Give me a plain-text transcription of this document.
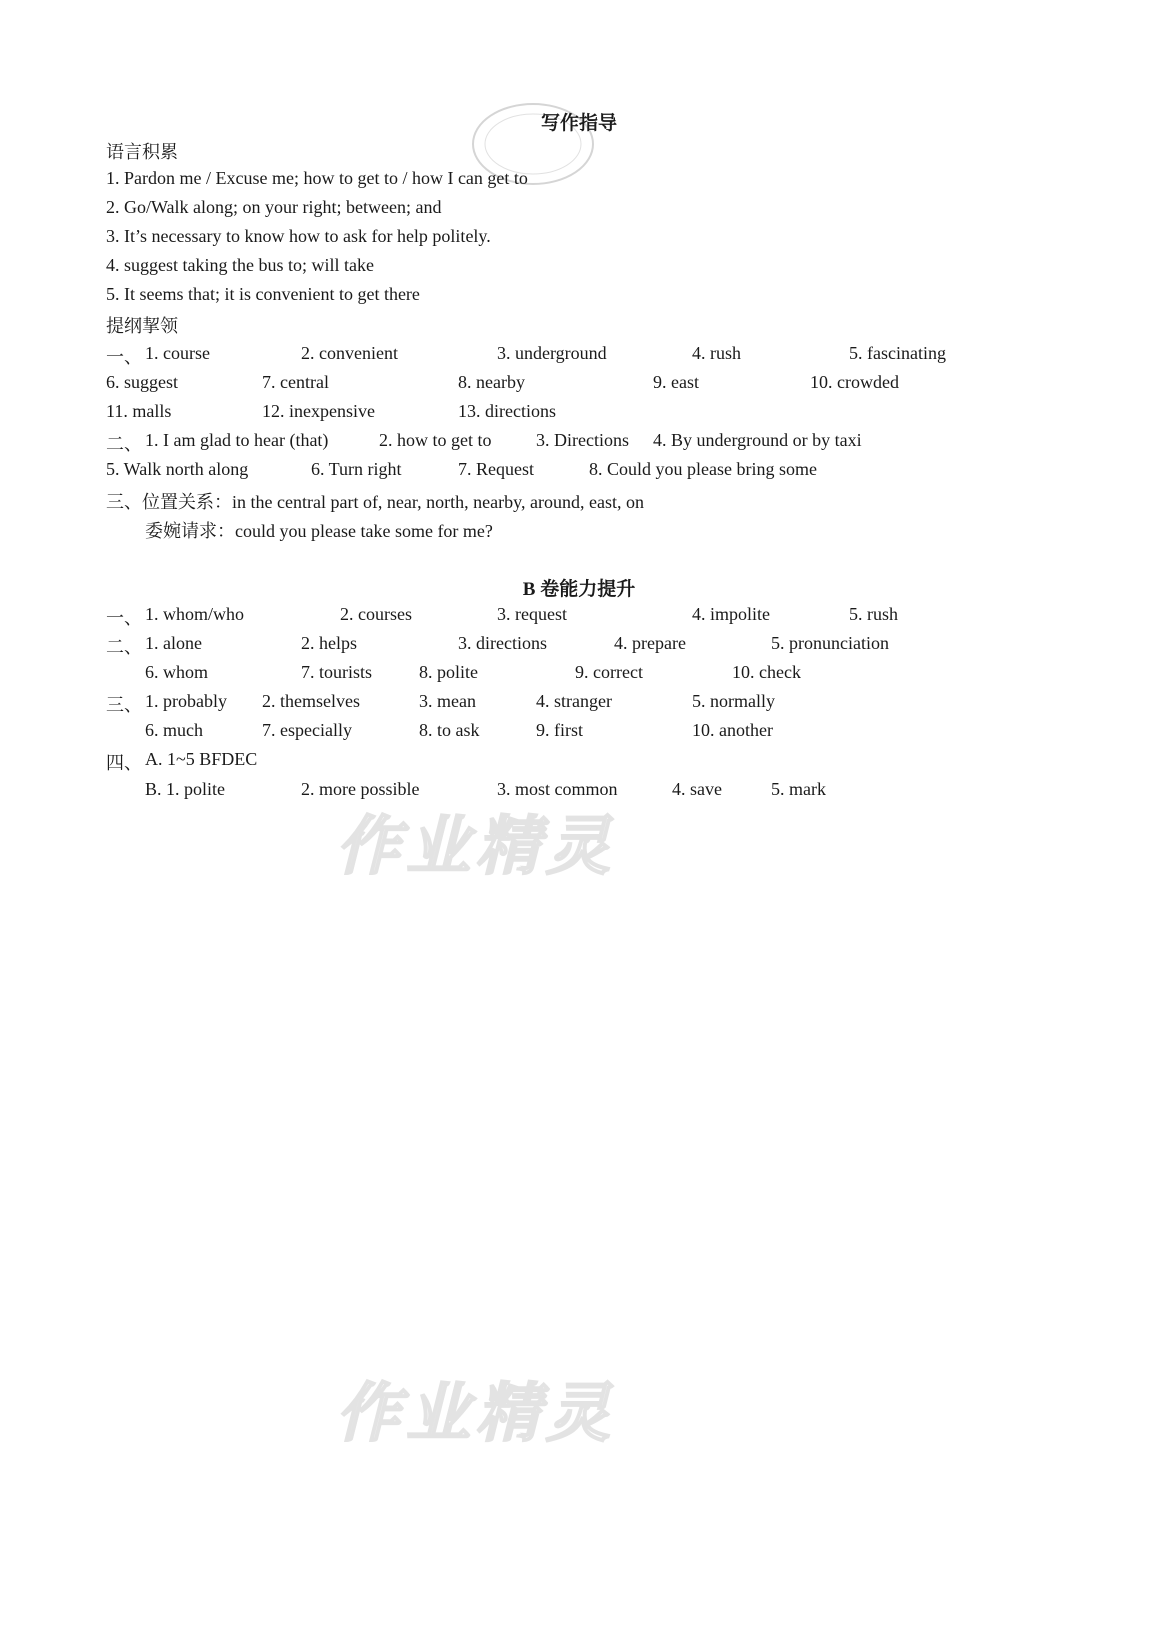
写作指导
语言积累
1. Pardon me / Excuse me; how to get to / how I can get to
2. Go/Walk along; on your right; between; and
3. It’s necessary to know how to ask for help politely.
4. suggest taking the bus to; will take
5. It seems that; it is convenient to get there
提纲挈领
一、 1. course	2. convenient	3. underground	4. rush	5. fascinating
6. suggest	7. central	8. nearby	9. east	10. crowded
11. malls	12. inexpensive	13. directions
二、 1. I am glad to hear (that)	2. how to get to 3. Directions 4. By underground or by taxi
5. Walk north along	6. Turn right	7. Request	8. Could you please bring some
三、位置关系：in the central part of, near, north, nearby, around, east, on
委婉请求：could you please take some for me?
B 卷能力提升
一、 1. whom/who	2. courses	3. request	4. impolite	5. rush
二、 1. alone	2. helps	3. directions	4. prepare	5. pronunciation
6. whom	7. tourists	8. polite	9. correct	10. check
三、 1. probably 2. themselves	3. mean	4. stranger	5. normally
6. much	7. especially	8. to ask	9. first	10. another
四、 A. 1~5 BFDEC
B. 1. polite	2. more possible	3. most common	4. save	5. mark
作业精灵
作业精灵
